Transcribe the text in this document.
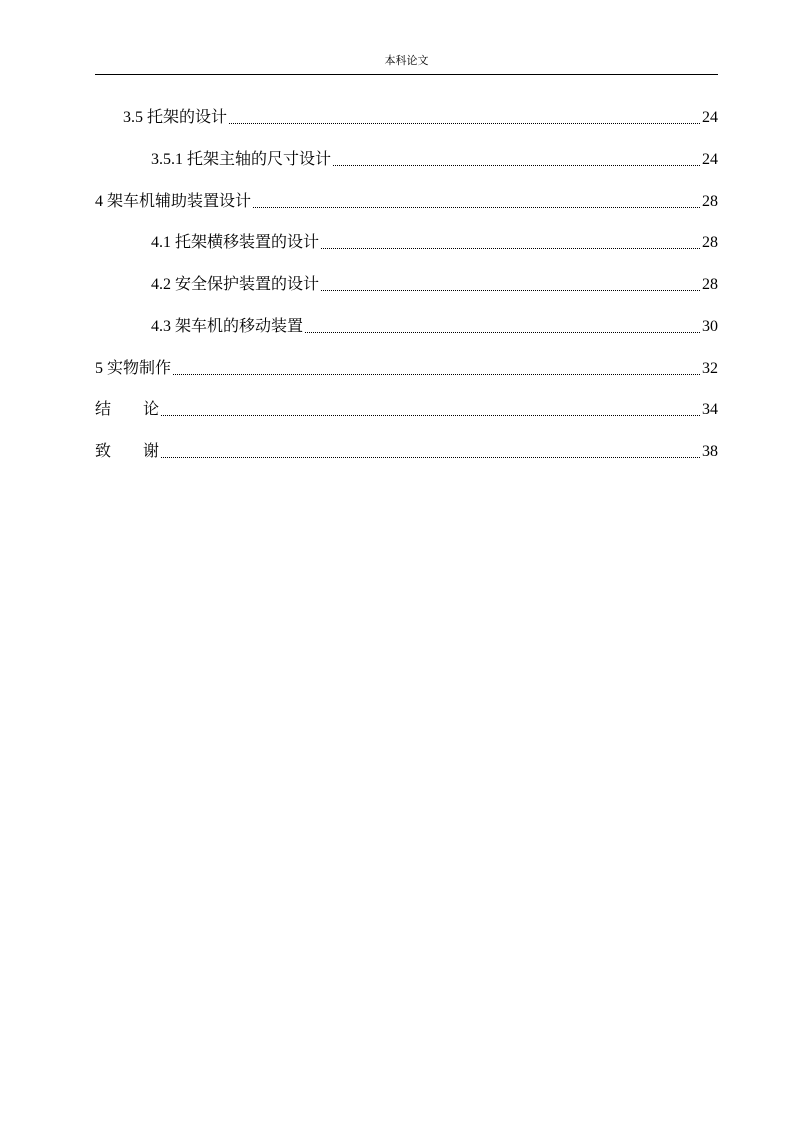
本科论文
3.5 托架的设计	24
3.5.1 托架主轴的尺寸设计	24
4 架车机辅助装置设计	28
4.1 托架横移装置的设计	28
4.2 安全保护装置的设计	28
4.3 架车机的移动装置	30
5 实物制作	32
结　　论	34
致　　谢	38
